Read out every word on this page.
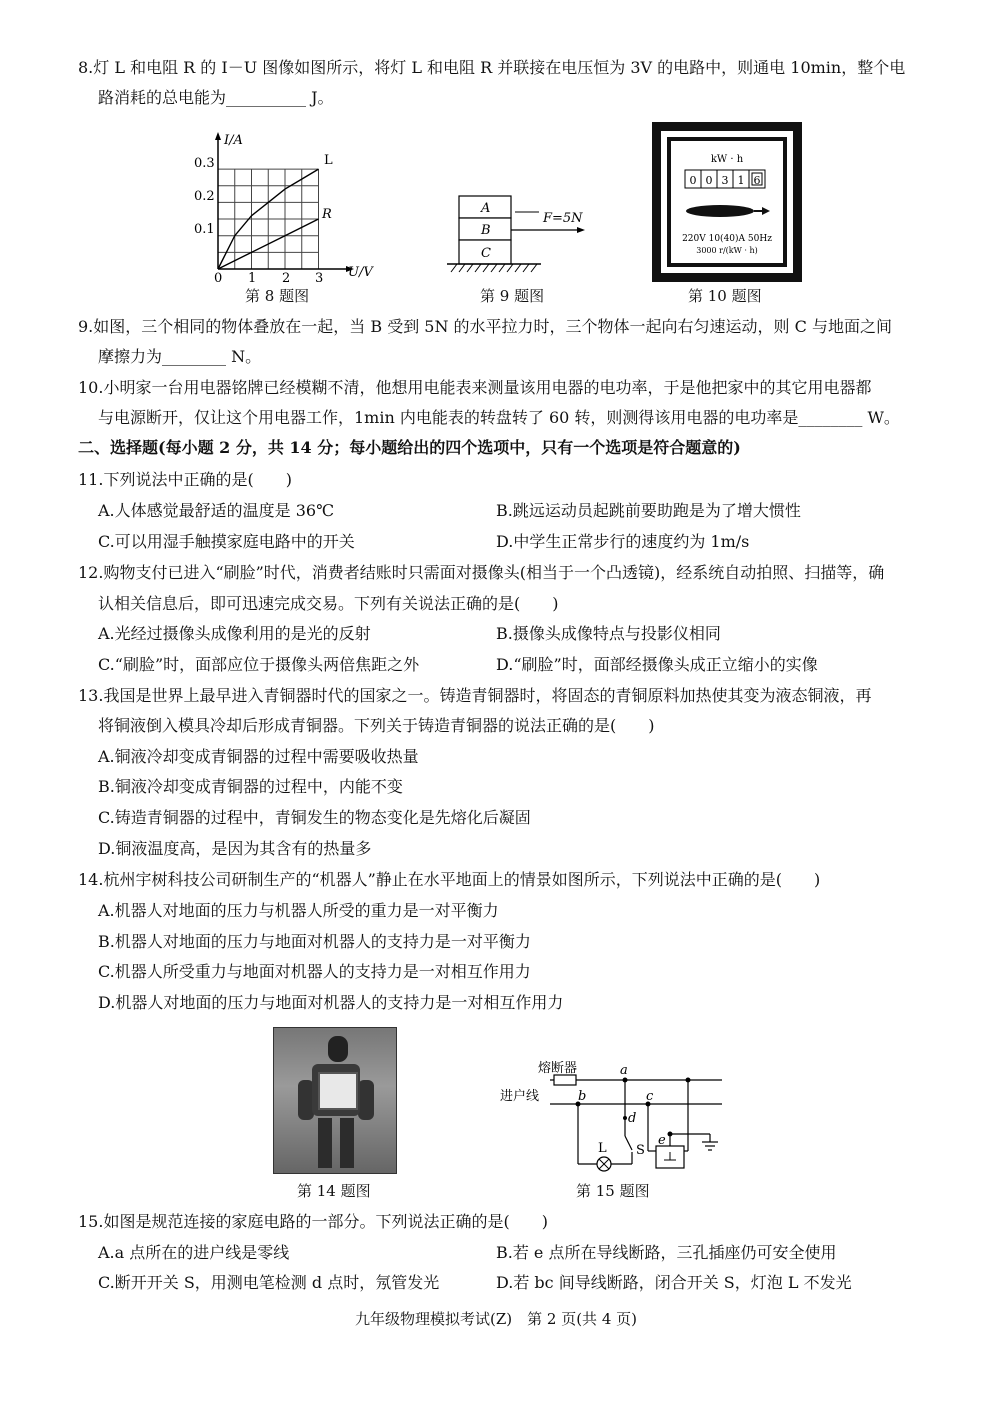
8.灯 L 和电阻 R 的 I－U 图像如图所示，将灯 L 和电阻 R 并联接在电压恒为 3V 的电路中，则通电 10min，整个电
路消耗的总电能为__________ J。
I/A
U/V
0.3
0.2
0.1
0 1 2 3
L
R
第 8 题图
A
B
C
F=5N
第 9 题图
kW · h
0 0 3 1 6
220V 10(40)A 50Hz
3000 r/(kW · h)
第 10 题图
9.如图，三个相同的物体叠放在一起，当 B 受到 5N 的水平拉力时，三个物体一起向右匀速运动，则 C 与地面之间
摩擦力为________ N。
10.小明家一台用电器铭牌已经模糊不清，他想用电能表来测量该用电器的电功率，于是他把家中的其它用电器都
与电源断开，仅让这个用电器工作，1min 内电能表的转盘转了 60 转，则测得该用电器的电功率是________ W。
二、选择题(每小题 2 分，共 14 分；每小题给出的四个选项中，只有一个选项是符合题意的)
11.下列说法中正确的是(　　)
A.人体感觉最舒适的温度是 36℃	B.跳远运动员起跳前要助跑是为了增大惯性
C.可以用湿手触摸家庭电路中的开关	D.中学生正常步行的速度约为 1m/s
12.购物支付已进入“刷脸”时代，消费者结账时只需面对摄像头(相当于一个凸透镜)，经系统自动拍照、扫描等，确
认相关信息后，即可迅速完成交易。下列有关说法正确的是(　　)
A.光经过摄像头成像利用的是光的反射	B.摄像头成像特点与投影仪相同
C.“刷脸”时，面部应位于摄像头两倍焦距之外	D.“刷脸”时，面部经摄像头成正立缩小的实像
13.我国是世界上最早进入青铜器时代的国家之一。铸造青铜器时，将固态的青铜原料加热使其变为液态铜液，再
将铜液倒入模具冷却后形成青铜器。下列关于铸造青铜器的说法正确的是(　　)
A.铜液冷却变成青铜器的过程中需要吸收热量
B.铜液冷却变成青铜器的过程中，内能不变
C.铸造青铜器的过程中，青铜发生的物态变化是先熔化后凝固
D.铜液温度高，是因为其含有的热量多
14.杭州宇树科技公司研制生产的“机器人”静止在水平地面上的情景如图所示，下列说法中正确的是(　　)
A.机器人对地面的压力与机器人所受的重力是一对平衡力
B.机器人对地面的压力与地面对机器人的支持力是一对平衡力
C.机器人所受重力与地面对机器人的支持力是一对相互作用力
D.机器人对地面的压力与地面对机器人的支持力是一对相互作用力
第 14 题图
熔断器
进户线
a
b	c
d
e
L S
第 15 题图
15.如图是规范连接的家庭电路的一部分。下列说法正确的是(　　)
A.a 点所在的进户线是零线	B.若 e 点所在导线断路，三孔插座仍可安全使用
C.断开开关 S，用测电笔检测 d 点时，氖管发光	D.若 bc 间导线断路，闭合开关 S，灯泡 L 不发光
九年级物理模拟考试(Z)　第 2 页(共 4 页)
